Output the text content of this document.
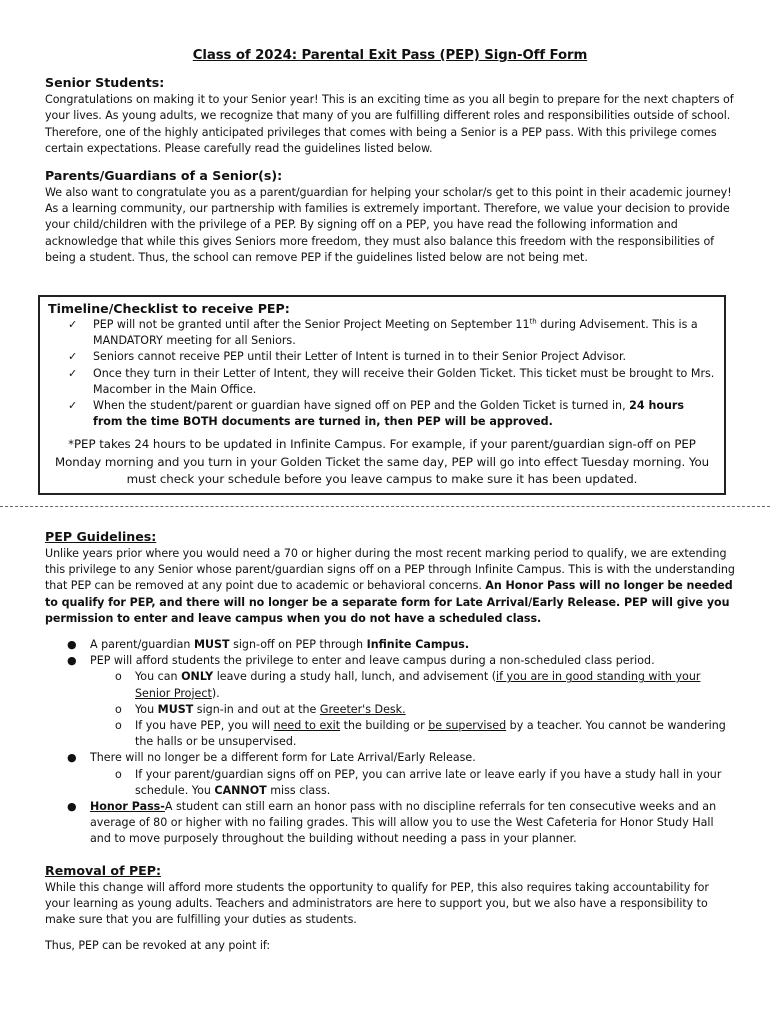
Class of 2024: Parental Exit Pass (PEP) Sign-Off Form
Senior Students:

Congratulations on making it to your Senior year! This is an exciting time as you all begin to prepare for the next chapters of your lives. As young adults, we recognize that many of you are fulfilling different roles and responsibilities outside of school. Therefore, one of the highly anticipated privileges that comes with being a Senior is a PEP pass. With this privilege comes certain expectations. Please carefully read the guidelines listed below.

Parents/Guardians of a Senior(s):

We also want to congratulate you as a parent/guardian for helping your scholar/s get to this point in their academic journey! As a learning community, our partnership with families is extremely important. Therefore, we value your decision to provide your child/children with the privilege of a PEP. By signing off on a PEP, you have read the following information and acknowledge that while this gives Seniors more freedom, they must also balance this freedom with the responsibilities of being a student. Thus, the school can remove PEP if the guidelines listed below are not being met.

Timeline/Checklist to receive PEP:
✓ PEP will not be granted until after the Senior Project Meeting on September 11th during Advisement. This is a MANDATORY meeting for all Seniors.
✓ Seniors cannot receive PEP until their Letter of Intent is turned in to their Senior Project Advisor.
✓ Once they turn in their Letter of Intent, they will receive their Golden Ticket. This ticket must be brought to Mrs. Macomber in the Main Office.
✓ When the student/parent or guardian have signed off on PEP and the Golden Ticket is turned in, 24 hours from the time BOTH documents are turned in, then PEP will be approved.

*PEP takes 24 hours to be updated in Infinite Campus. For example, if your parent/guardian sign-off on PEP Monday morning and you turn in your Golden Ticket the same day, PEP will go into effect Tuesday morning. You must check your schedule before you leave campus to make sure it has been updated.

PEP Guidelines:

Unlike years prior where you would need a 70 or higher during the most recent marking period to qualify, we are extending this privilege to any Senior whose parent/guardian signs off on a PEP through Infinite Campus. This is with the understanding that PEP can be removed at any point due to academic or behavioral concerns. An Honor Pass will no longer be needed to qualify for PEP, and there will no longer be a separate form for Late Arrival/Early Release. PEP will give you permission to enter and leave campus when you do not have a scheduled class.

● A parent/guardian MUST sign-off on PEP through Infinite Campus.
● PEP will afford students the privilege to enter and leave campus during a non-scheduled class period.
o You can ONLY leave during a study hall, lunch, and advisement (if you are in good standing with your Senior Project).
o You MUST sign-in and out at the Greeter's Desk.
o If you have PEP, you will need to exit the building or be supervised by a teacher. You cannot be wandering the halls or be unsupervised.
● There will no longer be a different form for Late Arrival/Early Release.
o If your parent/guardian signs off on PEP, you can arrive late or leave early if you have a study hall in your schedule. You CANNOT miss class.
● Honor Pass-A student can still earn an honor pass with no discipline referrals for ten consecutive weeks and an average of 80 or higher with no failing grades. This will allow you to use the West Cafeteria for Honor Study Hall and to move purposely throughout the building without needing a pass in your planner.
Removal of PEP:

While this change will afford more students the opportunity to qualify for PEP, this also requires taking accountability for your learning as young adults. Teachers and administrators are here to support you, but we also have a responsibility to make sure that you are fulfilling your duties as students.

Thus, PEP can be revoked at any point if:
